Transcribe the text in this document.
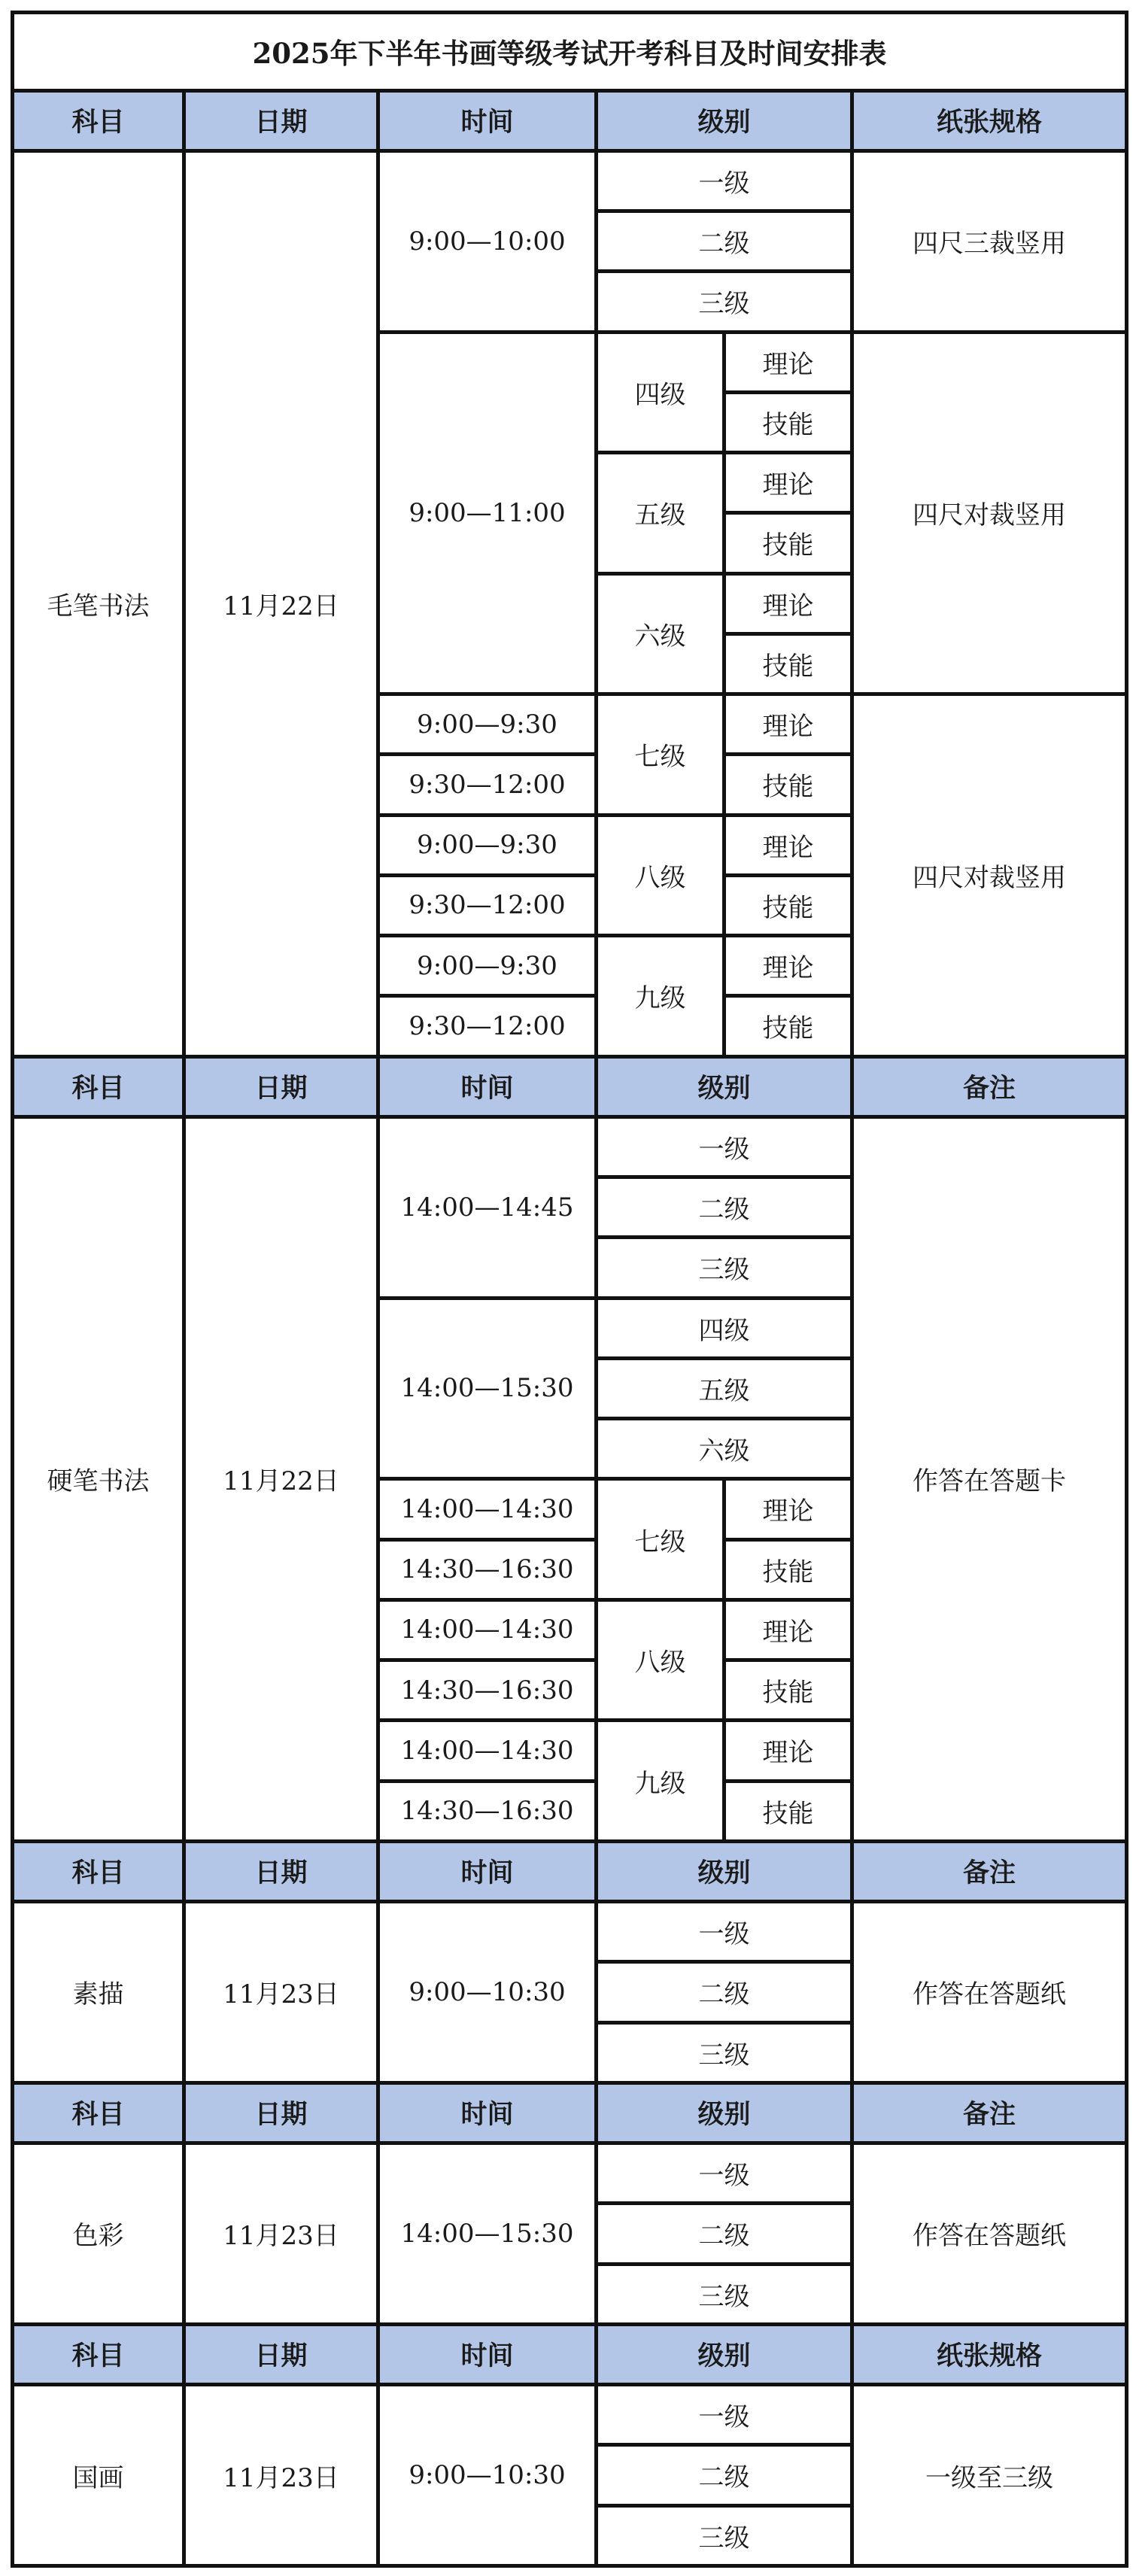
2025年下半年书画等级考试开考科目及时间安排表					
科目	日期	时间	级别		纸张规格
毛笔书法	11月22日	9:00—10:00	一级		四尺三裁竖用
			二级		
			三级		
		9:00—11:00	四级	理论	四尺对裁竖用
				技能	
			五级	理论	
				技能	
			六级	理论	
				技能	
		9:00—9:30	七级	理论	四尺对裁竖用
		9:30—12:00		技能	
		9:00—9:30	八级	理论	
		9:30—12:00		技能	
		9:00—9:30	九级	理论	
		9:30—12:00		技能	
科目	日期	时间	级别		备注
硬笔书法	11月22日	14:00—14:45	一级		作答在答题卡
			二级		
			三级		
		14:00—15:30	四级		
			五级		
			六级		
		14:00—14:30	七级	理论	
		14:30—16:30		技能	
		14:00—14:30	八级	理论	
		14:30—16:30		技能	
		14:00—14:30	九级	理论	
		14:30—16:30		技能	
科目	日期	时间	级别		备注
素描	11月23日	9:00—10:30	一级		作答在答题纸
			二级		
			三级		
科目	日期	时间	级别		备注
色彩	11月23日	14:00—15:30	一级		作答在答题纸
			二级		
			三级		
科目	日期	时间	级别		纸张规格
国画	11月23日	9:00—10:30	一级		一级至三级
			二级		
			三级		
